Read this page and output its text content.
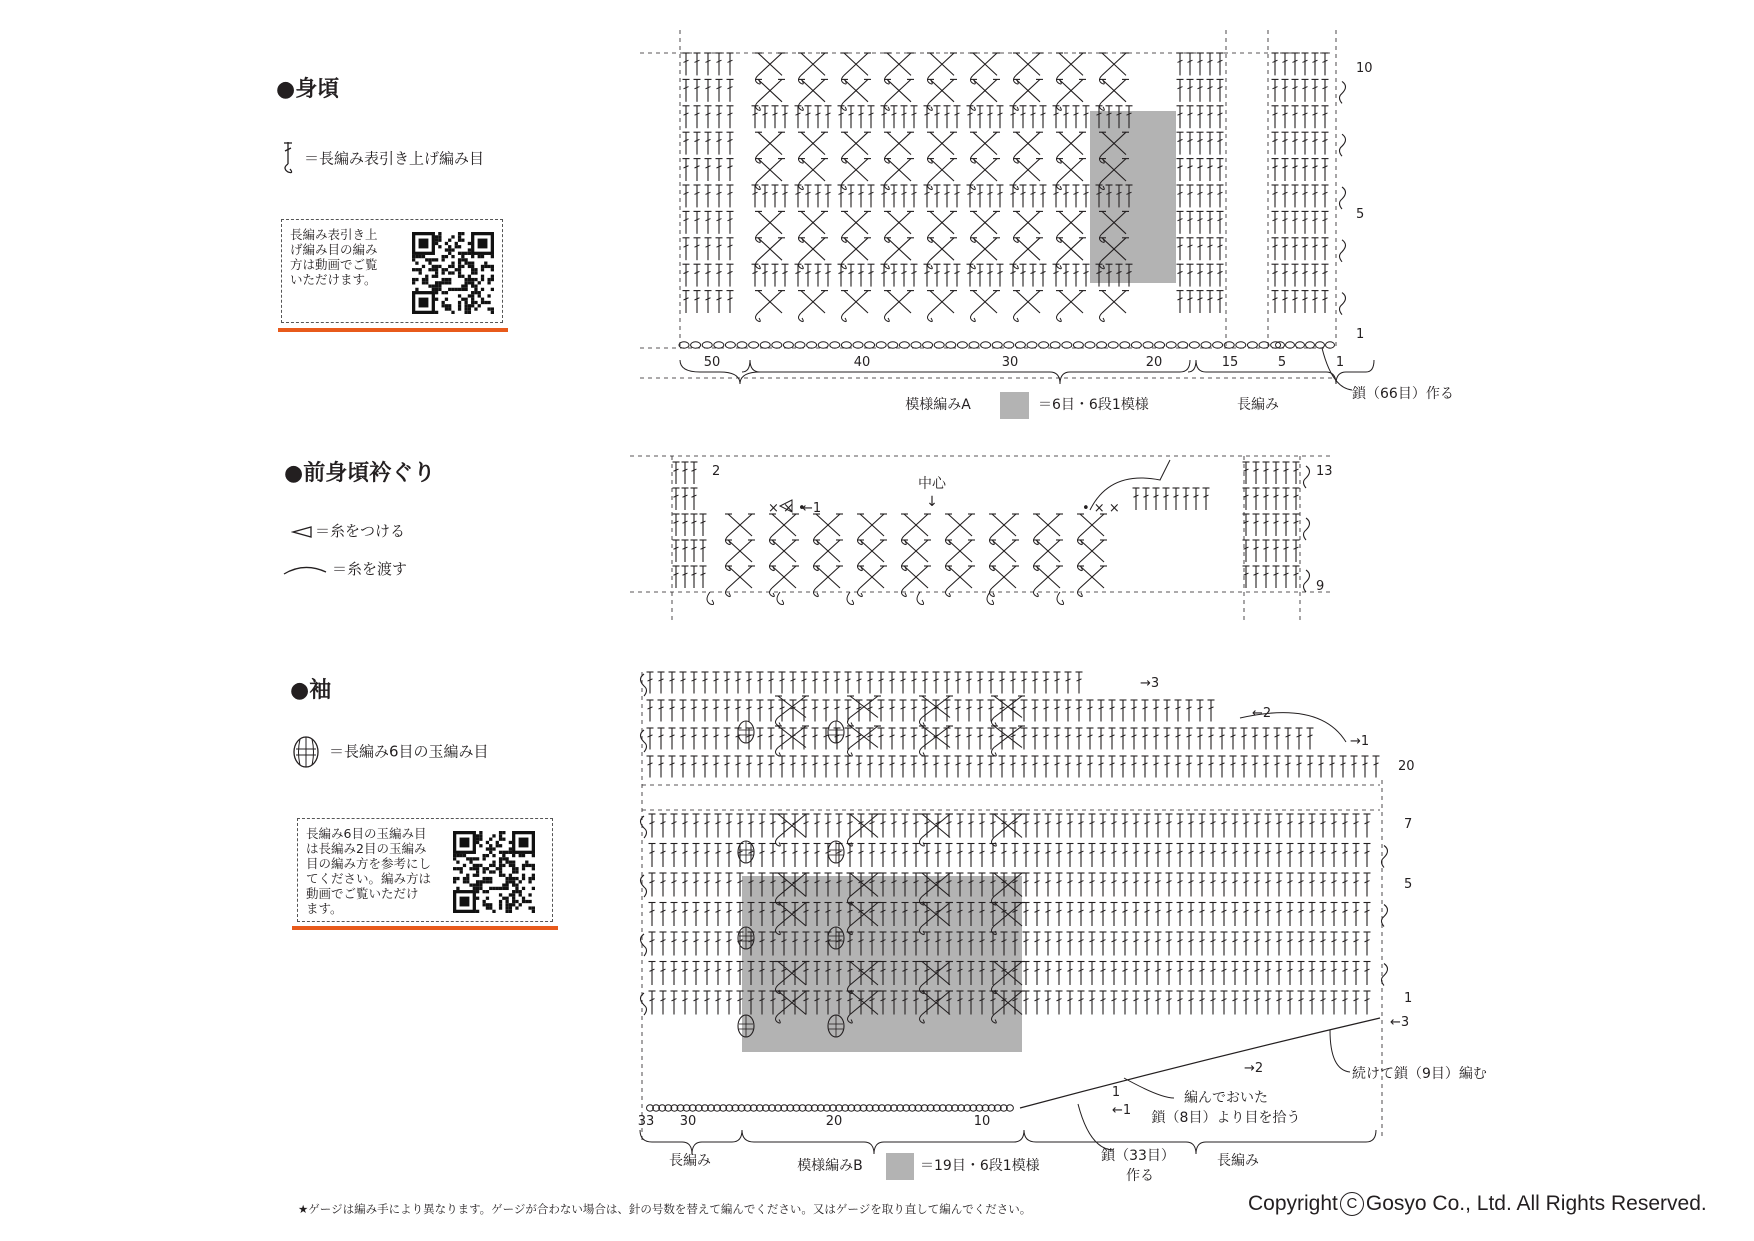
●身頃
＝長編み表引き上げ編み目
長編み表引き上
げ編み目の編み
方は動画でご覧
いただけます。
●前身頃衿ぐり
＝糸をつける
＝糸を渡す
●袖
＝長編み6目の玉編み目
長編み6目の玉編み目
は長編み2目の玉編み
目の編み方を参考にし
てください。編み方は
動画でご覧いただけ
ます。
10
5
1
50	40	30	20	15	5	1
模様編みA	＝6目・6段1模様	長編み
鎖（66目）作る
× × •	• × ×
2	13
9
中心
↓
←1
20
7
5
1
33 30	20	10
→3
←2
→1
←3
→2
←1
1
長編み	模様編みB	＝19目・6段1模様
鎖（33目）
作る
編んでおいた
鎖（8目）より目を拾う
続けて鎖（9目）編む
長編み
★ゲージは編み手により異なります。ゲージが合わない場合は、針の号数を替えて編んでください。又はゲージを取り直して編んでください。	Copyright C Gosyo Co., Ltd. All Rights Reserved.
